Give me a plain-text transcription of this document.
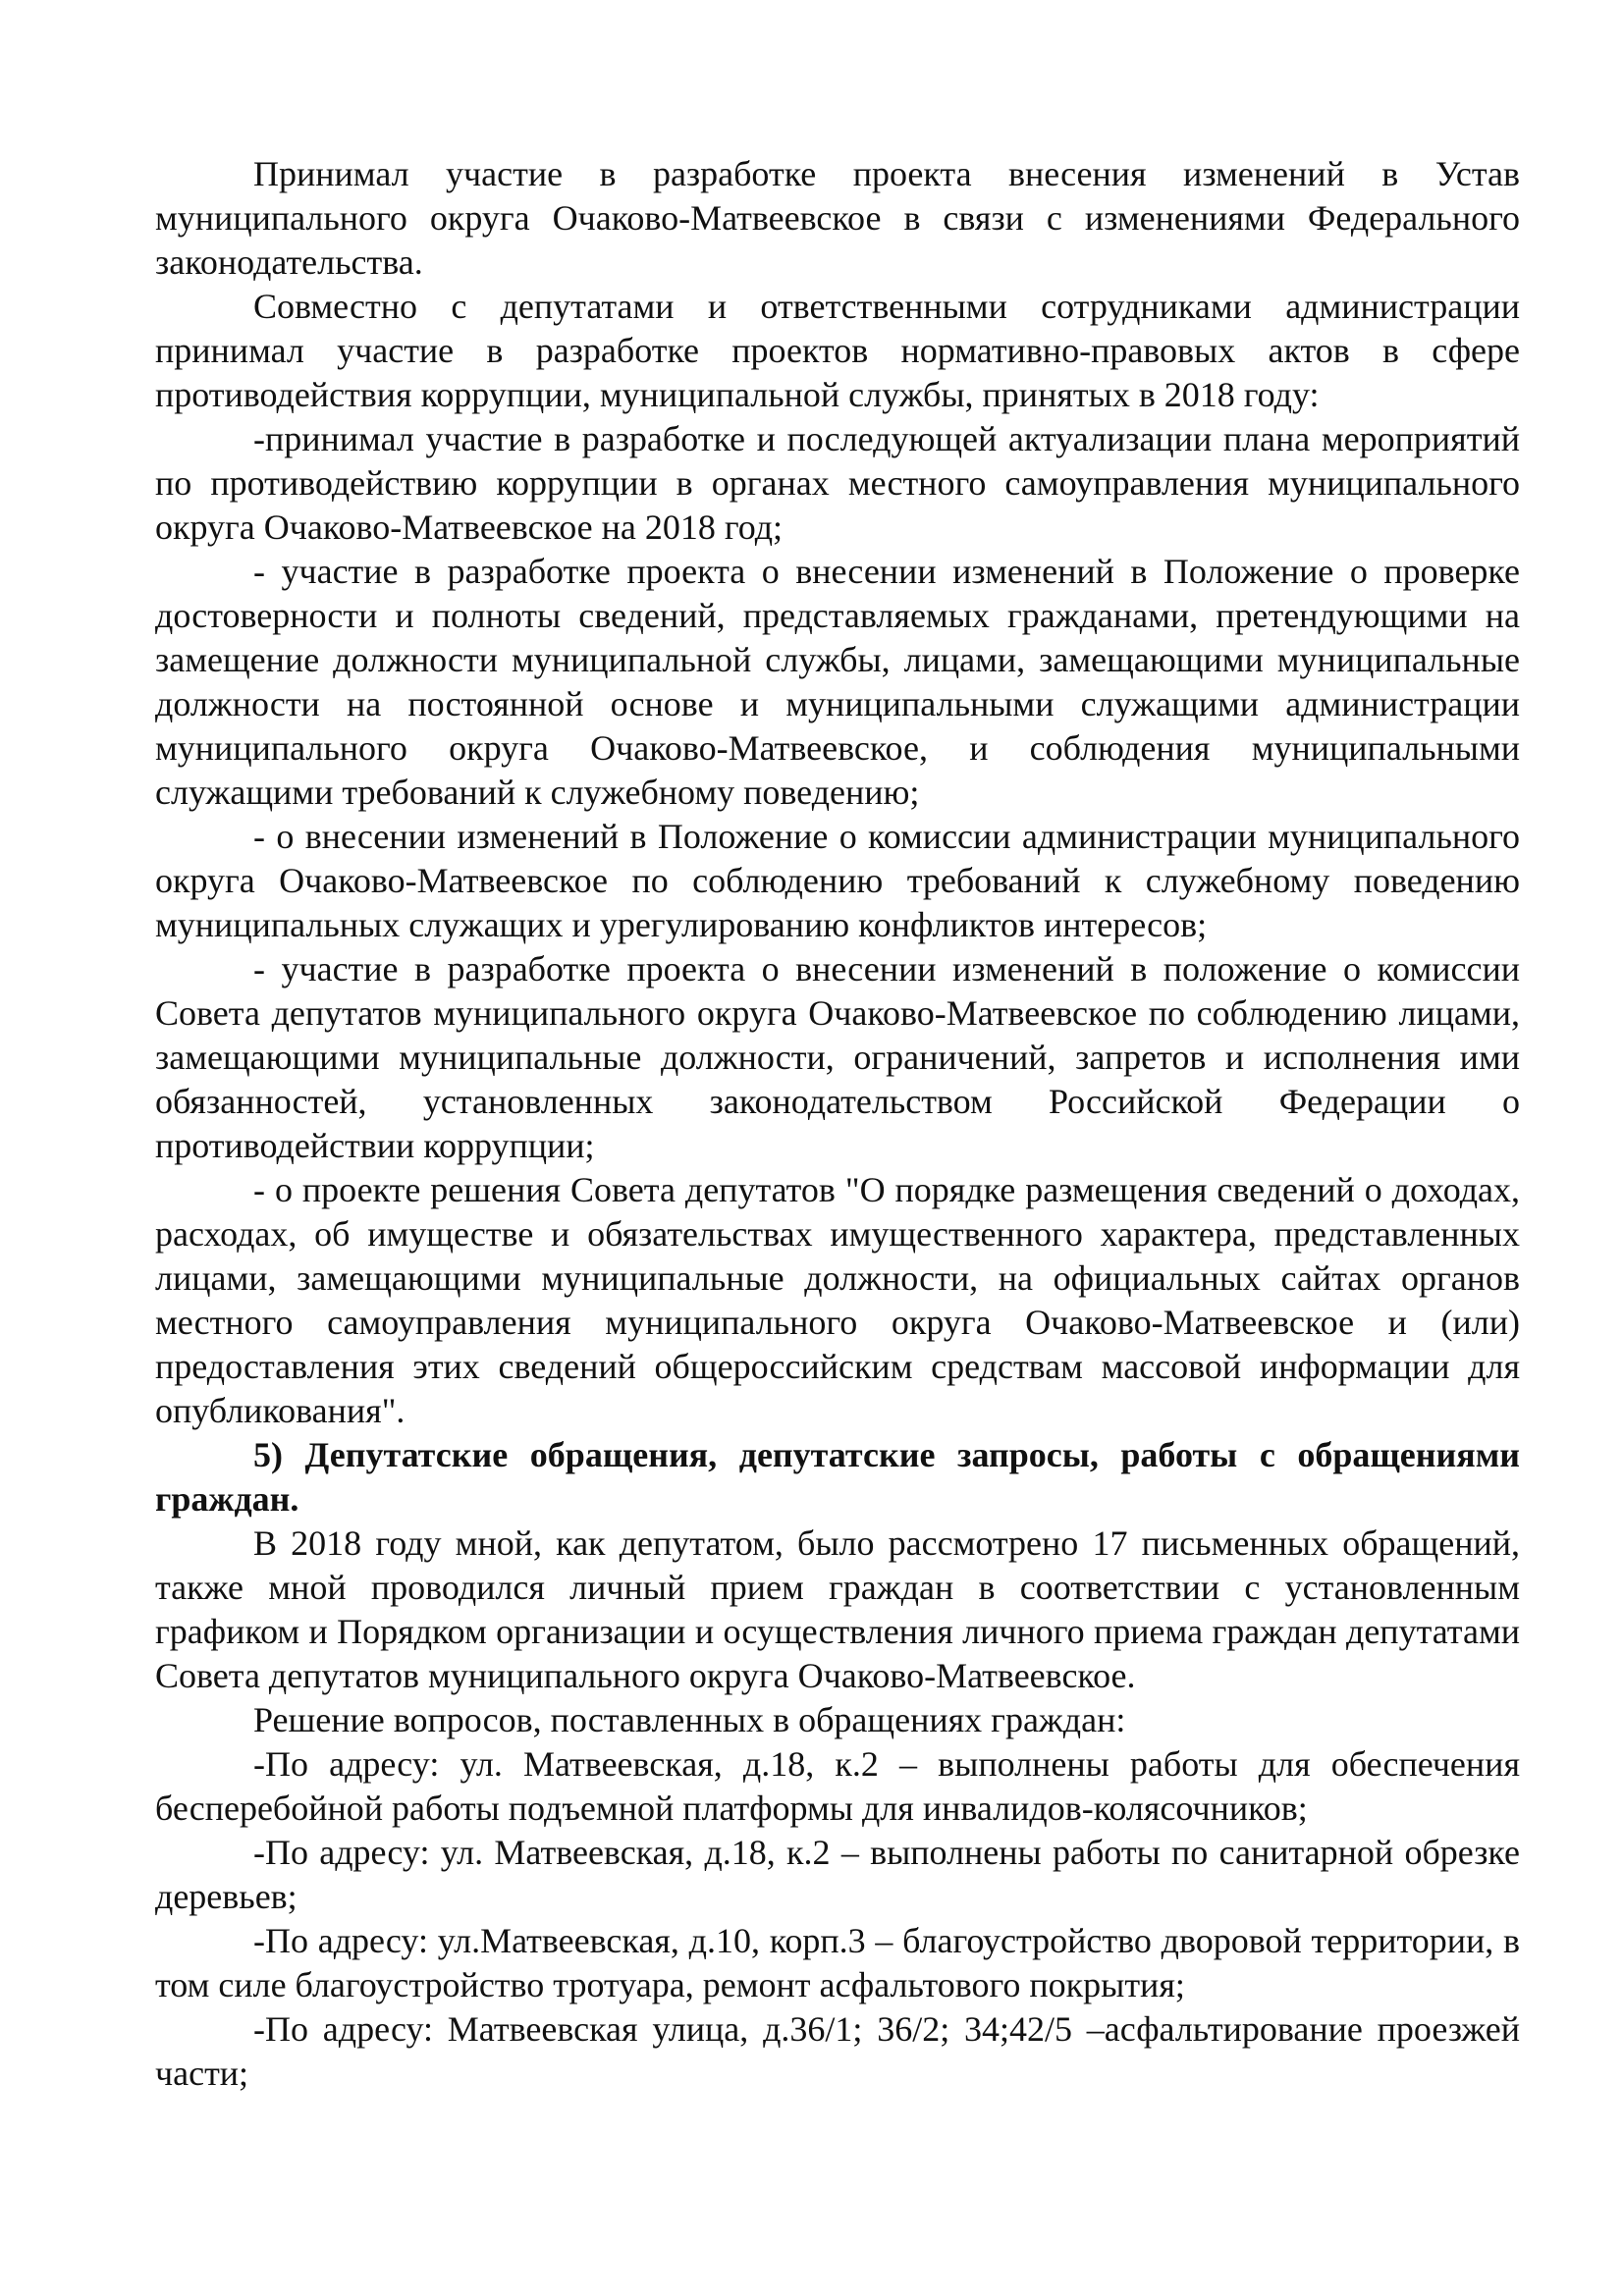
Принимал участие в разработке проекта внесения изменений в Устав муниципального округа Очаково-Матвеевское в связи с изменениями Федерального законодательства.

Совместно с депутатами и ответственными сотрудниками администрации принимал участие в разработке проектов нормативно-правовых актов в сфере противодействия коррупции, муниципальной службы, принятых в 2018 году:

-принимал участие в разработке и последующей актуализации плана мероприятий по противодействию коррупции в органах местного самоуправления муниципального округа Очаково-Матвеевское на 2018 год;

- участие в разработке проекта о внесении изменений в Положение о проверке достоверности и полноты сведений, представляемых гражданами, претендующими на замещение должности муниципальной службы, лицами, замещающими муниципальные должности на постоянной основе и муниципальными служащими администрации муниципального округа Очаково-Матвеевское, и соблюдения муниципальными служащими требований к служебному поведению;

- о внесении изменений в Положение о комиссии администрации муниципального округа Очаково-Матвеевское по соблюдению требований к служебному поведению муниципальных служащих и урегулированию конфликтов интересов;

- участие в разработке проекта о внесении изменений в положение о комиссии Совета депутатов муниципального округа Очаково-Матвеевское по соблюдению лицами, замещающими муниципальные должности, ограничений, запретов и исполнения ими обязанностей, установленных законодательством Российской Федерации о противодействии коррупции;

- о проекте решения Совета депутатов "О порядке размещения сведений о доходах, расходах, об имуществе и обязательствах имущественного характера, представленных лицами, замещающими муниципальные должности, на официальных сайтах органов местного самоуправления муниципального округа Очаково-Матвеевское и (или) предоставления этих сведений общероссийским средствам массовой информации для опубликования".

5) Депутатские обращения, депутатские запросы, работы с обращениями граждан.

В 2018 году мной, как депутатом, было рассмотрено 17 письменных обращений, также мной проводился личный прием граждан в соответствии с установленным графиком и Порядком организации и осуществления личного приема граждан депутатами Совета депутатов муниципального округа Очаково-Матвеевское.

Решение вопросов, поставленных в обращениях граждан:

-По адресу: ул. Матвеевская, д.18, к.2 – выполнены работы для обеспечения бесперебойной работы подъемной платформы для инвалидов-колясочников;

-По адресу: ул. Матвеевская, д.18, к.2 – выполнены работы по санитарной обрезке деревьев;

-По адресу: ул.Матвеевская, д.10, корп.3 – благоустройство дворовой территории, в том силе благоустройство тротуара, ремонт асфальтового покрытия;

-По адресу: Матвеевская улица, д.36/1; 36/2; 34;42/5 –асфальтирование проезжей части;
